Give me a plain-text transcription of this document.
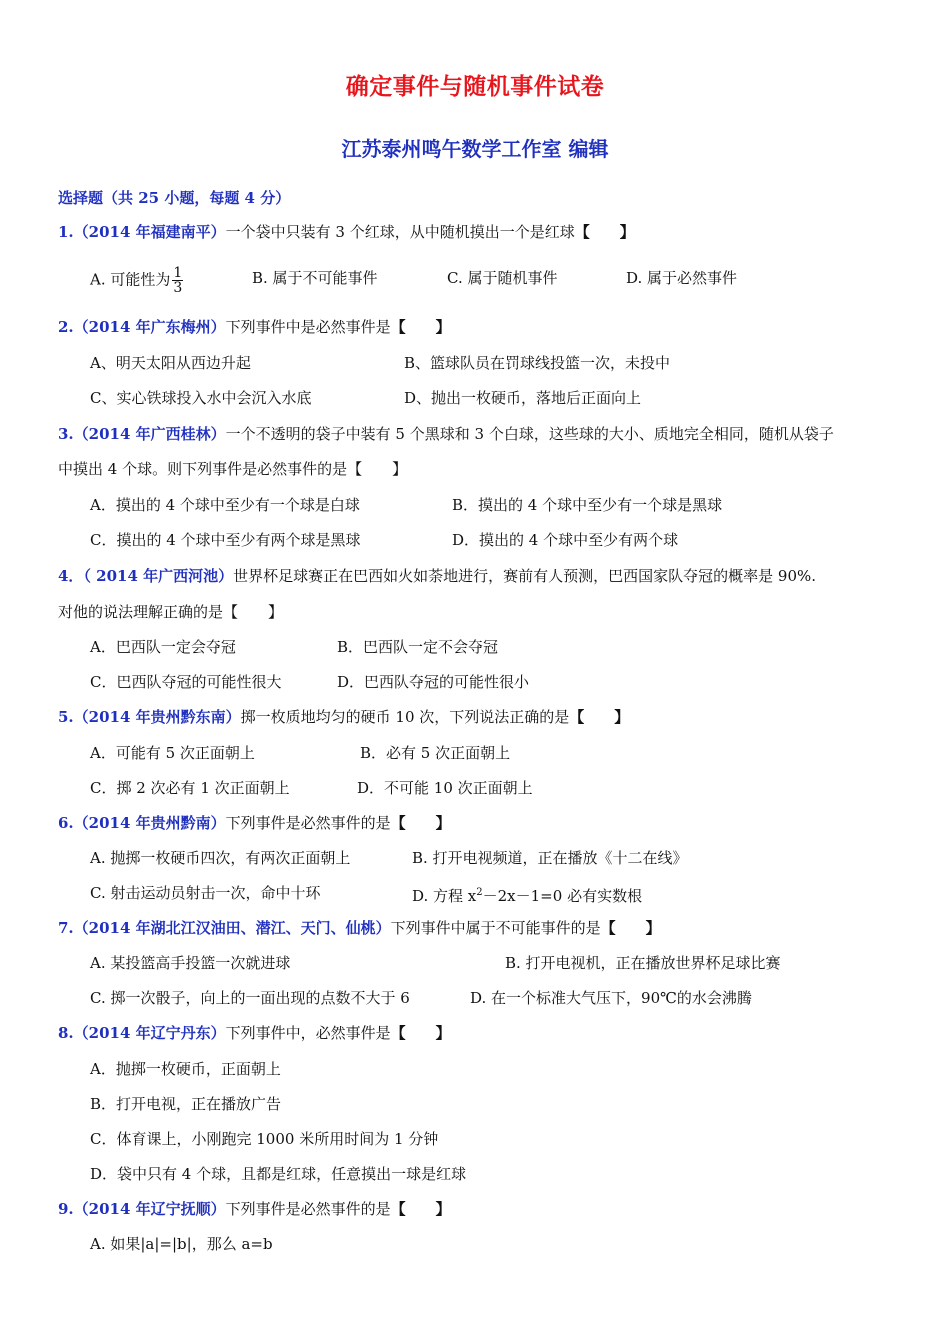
确定事件与随机事件试卷
江苏泰州鸣午数学工作室 编辑
选择题（共 25 小题，每题 4 分）
1.（2014 年福建南平）一个袋中只装有 3 个红球，从中随机摸出一个是红球【　　】
A. 可能性为 $\frac{1}{3}$	B. 属于不可能事件	C. 属于随机事件	D. 属于必然事件
2.（2014 年广东梅州）下列事件中是必然事件是【　　】
A、明天太阳从西边升起	B、篮球队员在罚球线投篮一次，未投中
C、实心铁球投入水中会沉入水底	D、抛出一枚硬币，落地后正面向上
3.（2014 年广西桂林）一个不透明的袋子中装有 5 个黑球和 3 个白球，这些球的大小、质地完全相同，随机从袋子
中摸出 4 个球。则下列事件是必然事件的是【　　】
A．摸出的 4 个球中至少有一个球是白球	B．摸出的 4 个球中至少有一个球是黑球
C．摸出的 4 个球中至少有两个球是黑球	D．摸出的 4 个球中至少有两个球
4．（ 2014 年广西河池）世界杯足球赛正在巴西如火如荼地进行，赛前有人预测，巴西国家队夺冠的概率是 90%.
对他的说法理解正确的是【　　】
A．巴西队一定会夺冠	B．巴西队一定不会夺冠
C．巴西队夺冠的可能性很大	D．巴西队夺冠的可能性很小
5.（2014 年贵州黔东南）掷一枚质地均匀的硬币 10 次，下列说法正确的是【　　】
A．可能有 5 次正面朝上	B．必有 5 次正面朝上
C．掷 2 次必有 1 次正面朝上	D．不可能 10 次正面朝上
6.（2014 年贵州黔南）下列事件是必然事件的是【　　】
A. 抛掷一枚硬币四次，有两次正面朝上	B. 打开电视频道，正在播放《十二在线》
C. 射击运动员射击一次，命中十环	D. 方程 $x^2-2x-1=0$ 必有实数根
7.（2014 年湖北江汉油田、潜江、天门、仙桃）下列事件中属于不可能事件的是【　　】
A. 某投篮高手投篮一次就进球	B. 打开电视机，正在播放世界杯足球比赛
C. 掷一次骰子，向上的一面出现的点数不大于 6	D. 在一个标准大气压下，90℃的水会沸腾
8.（2014 年辽宁丹东）下列事件中，必然事件是【　　】
A．抛掷一枚硬币，正面朝上
B．打开电视，正在播放广告
C．体育课上，小刚跑完 1000 米所用时间为 1 分钟
D．袋中只有 4 个球，且都是红球，任意摸出一球是红球
9.（2014 年辽宁抚顺）下列事件是必然事件的是【　　】
A. 如果|a|=|b|，那么 a=b
